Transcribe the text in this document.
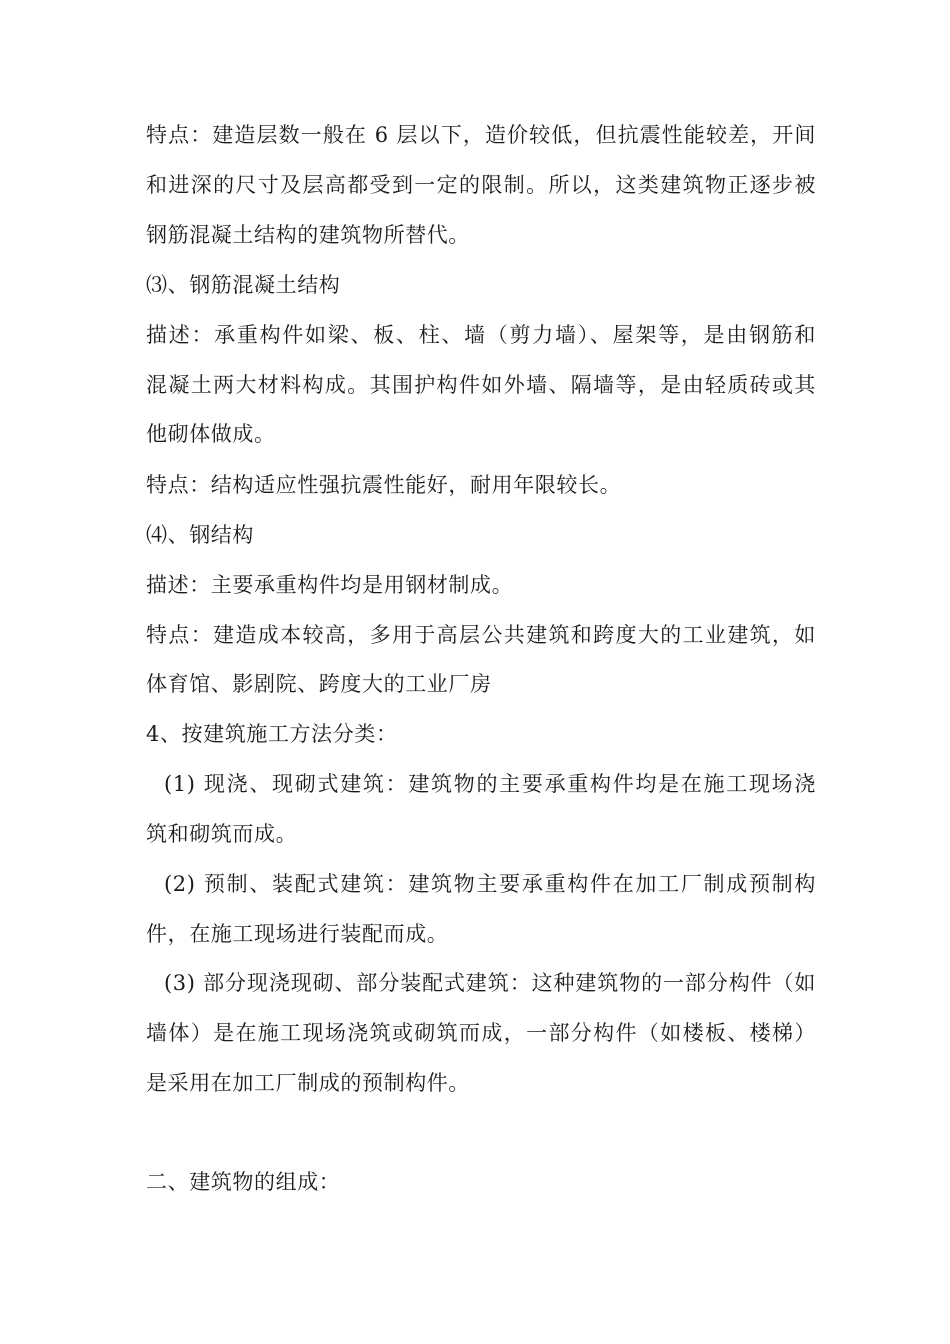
特点：建造层数一般在 6 层以下，造价较低，但抗震性能较差，开间
和进深的尺寸及层高都受到一定的限制。所以，这类建筑物正逐步被
钢筋混凝土结构的建筑物所替代。
⑶、钢筋混凝土结构
描述：承重构件如梁、板、柱、墙（剪力墙）、屋架等，是由钢筋和
混凝土两大材料构成。其围护构件如外墙、隔墙等，是由轻质砖或其
他砌体做成。
特点：结构适应性强抗震性能好，耐用年限较长。
⑷、钢结构
描述：主要承重构件均是用钢材制成。
特点：建造成本较高，多用于高层公共建筑和跨度大的工业建筑，如
体育馆、影剧院、跨度大的工业厂房
4、按建筑施工方法分类：
(1) 现浇、现砌式建筑：建筑物的主要承重构件均是在施工现场浇
筑和砌筑而成。
(2) 预制、装配式建筑：建筑物主要承重构件在加工厂制成预制构
件，在施工现场进行装配而成。
(3) 部分现浇现砌、部分装配式建筑：这种建筑物的一部分构件（如
墙体）是在施工现场浇筑或砌筑而成，一部分构件（如楼板、楼梯）
是采用在加工厂制成的预制构件。
二、建筑物的组成：
